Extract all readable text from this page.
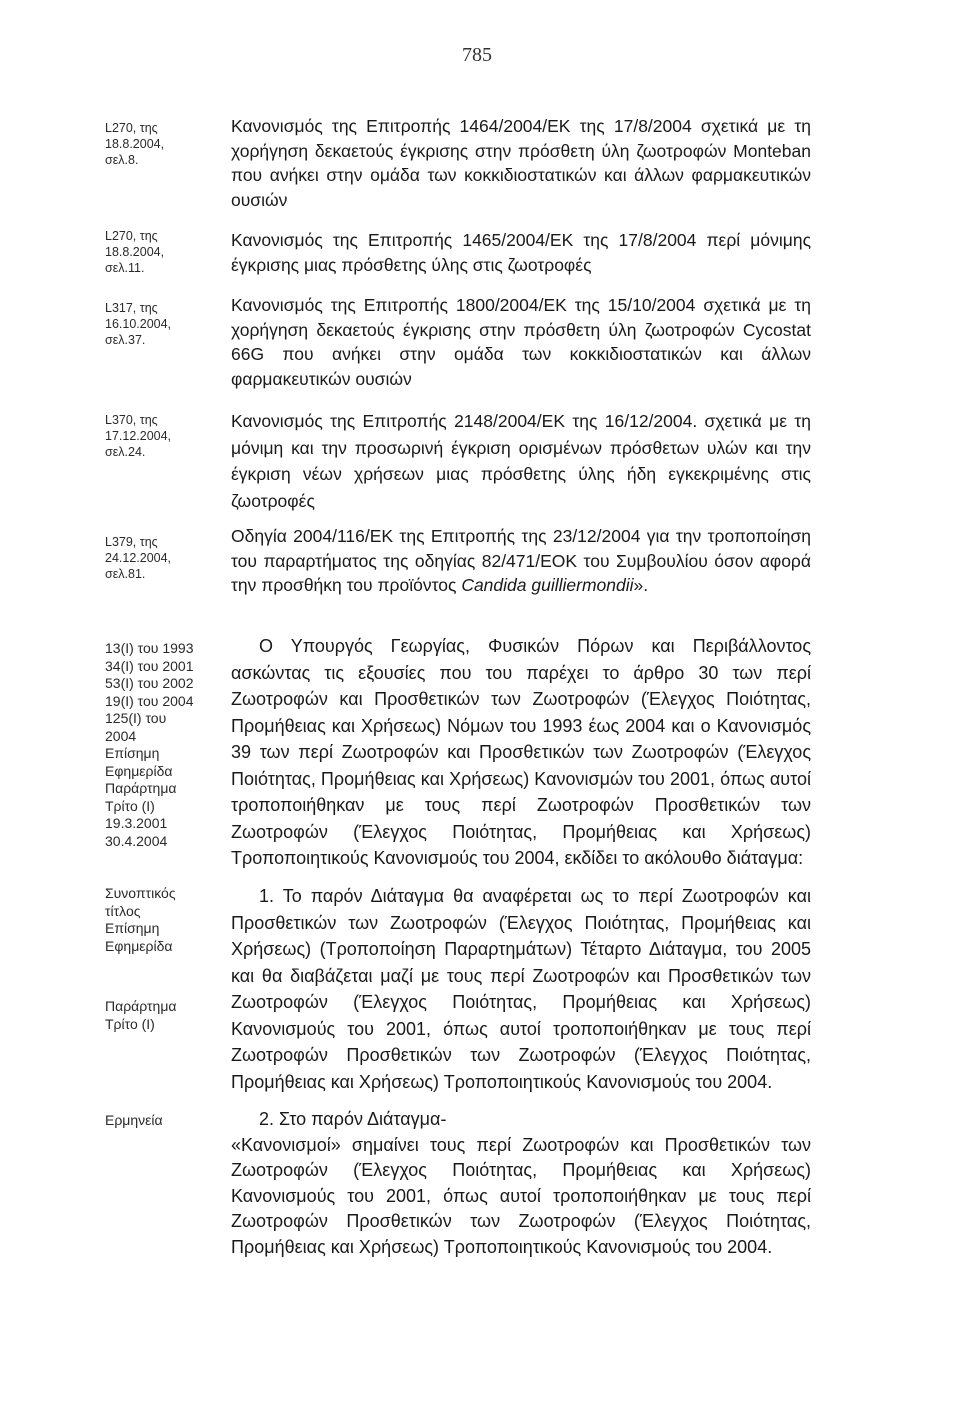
785
L270, της
18.8.2004,
σελ.8.
Κανονισμός της Επιτροπής 1464/2004/ΕΚ της 17/8/2004 σχετικά με τη χορήγηση δεκαετούς έγκρισης στην πρόσθετη ύλη ζωοτροφών Monteban που ανήκει στην ομάδα των κοκκιδιοστατικών και άλλων φαρμακευτικών ουσιών
L270, της
18.8.2004,
σελ.11.
Κανονισμός της Επιτροπής 1465/2004/ΕΚ της 17/8/2004 περί μόνιμης έγκρισης μιας πρόσθετης ύλης στις ζωοτροφές
L317, της
16.10.2004,
σελ.37.
Κανονισμός της Επιτροπής 1800/2004/ΕΚ της 15/10/2004 σχετικά με τη χορήγηση δεκαετούς έγκρισης στην πρόσθετη ύλη ζωοτροφών Cycostat 66G που ανήκει στην ομάδα των κοκκιδιοστατικών και άλλων φαρμακευτικών ουσιών
L370, της
17.12.2004,
σελ.24.
Κανονισμός της Επιτροπής 2148/2004/ΕΚ της 16/12/2004. σχετικά με τη μόνιμη και την προσωρινή έγκριση ορισμένων πρόσθετων υλών και την έγκριση νέων χρήσεων μιας πρόσθετης ύλης ήδη εγκεκριμένης στις ζωοτροφές
L379, της
24.12.2004,
σελ.81.
Οδηγία 2004/116/ΕΚ της Επιτροπής της 23/12/2004 για την τροποποίηση του παραρτήματος της οδηγίας 82/471/ΕΟΚ του Συμβουλίου όσον αφορά την προσθήκη του προϊόντος Candida guilliermondii».
13(Ι) του 1993
34(Ι) του 2001
53(Ι) του 2002
19(Ι) του 2004
125(Ι) του
2004
Επίσημη
Εφημερίδα
Παράρτημα
Τρίτο (Ι)
19.3.2001
30.4.2004
Ο Υπουργός Γεωργίας, Φυσικών Πόρων και Περιβάλλοντος ασκώντας τις εξουσίες που του παρέχει το άρθρο 30 των περί Ζωοτροφών και Προσθετικών των Ζωοτροφών (Έλεγχος Ποιότητας, Προμήθειας και Χρήσεως) Νόμων του 1993 έως 2004 και ο Κανονισμός 39 των περί Ζωοτροφών και Προσθετικών των Ζωοτροφών (Έλεγχος Ποιότητας, Προμήθειας και Χρήσεως) Κανονισμών του 2001, όπως αυτοί τροποποιήθηκαν με τους περί Ζωοτροφών Προσθετικών των Ζωοτροφών (Έλεγχος Ποιότητας, Προμήθειας και Χρήσεως) Τροποποιητικούς Κανονισμούς του 2004, εκδίδει το ακόλουθο διάταγμα:
Συνοπτικός
τίτλος
Επίσημη
Εφημερίδα
Παράρτημα
Τρίτο (Ι)
1. Το παρόν Διάταγμα θα αναφέρεται ως το περί Ζωοτροφών και Προσθετικών των Ζωοτροφών (Έλεγχος Ποιότητας, Προμήθειας και Χρήσεως) (Τροποποίηση Παραρτημάτων) Τέταρτο Διάταγμα, του 2005 και θα διαβάζεται μαζί με τους περί Ζωοτροφών και Προσθετικών των Ζωοτροφών (Έλεγχος Ποιότητας, Προμήθειας και Χρήσεως) Κανονισμούς του 2001, όπως αυτοί τροποποιήθηκαν με τους περί Ζωοτροφών Προσθετικών των Ζωοτροφών (Έλεγχος Ποιότητας, Προμήθειας και Χρήσεως) Τροποποιητικούς Κανονισμούς του 2004.
Ερμηνεία	2. Στο παρόν Διάταγμα-
«Κανονισμοί» σημαίνει τους περί Ζωοτροφών και Προσθετικών των Ζωοτροφών (Έλεγχος Ποιότητας, Προμήθειας και Χρήσεως) Κανονισμούς του 2001, όπως αυτοί τροποποιήθηκαν με τους περί Ζωοτροφών Προσθετικών των Ζωοτροφών (Έλεγχος Ποιότητας, Προμήθειας και Χρήσεως) Τροποποιητικούς Κανονισμούς του 2004.
